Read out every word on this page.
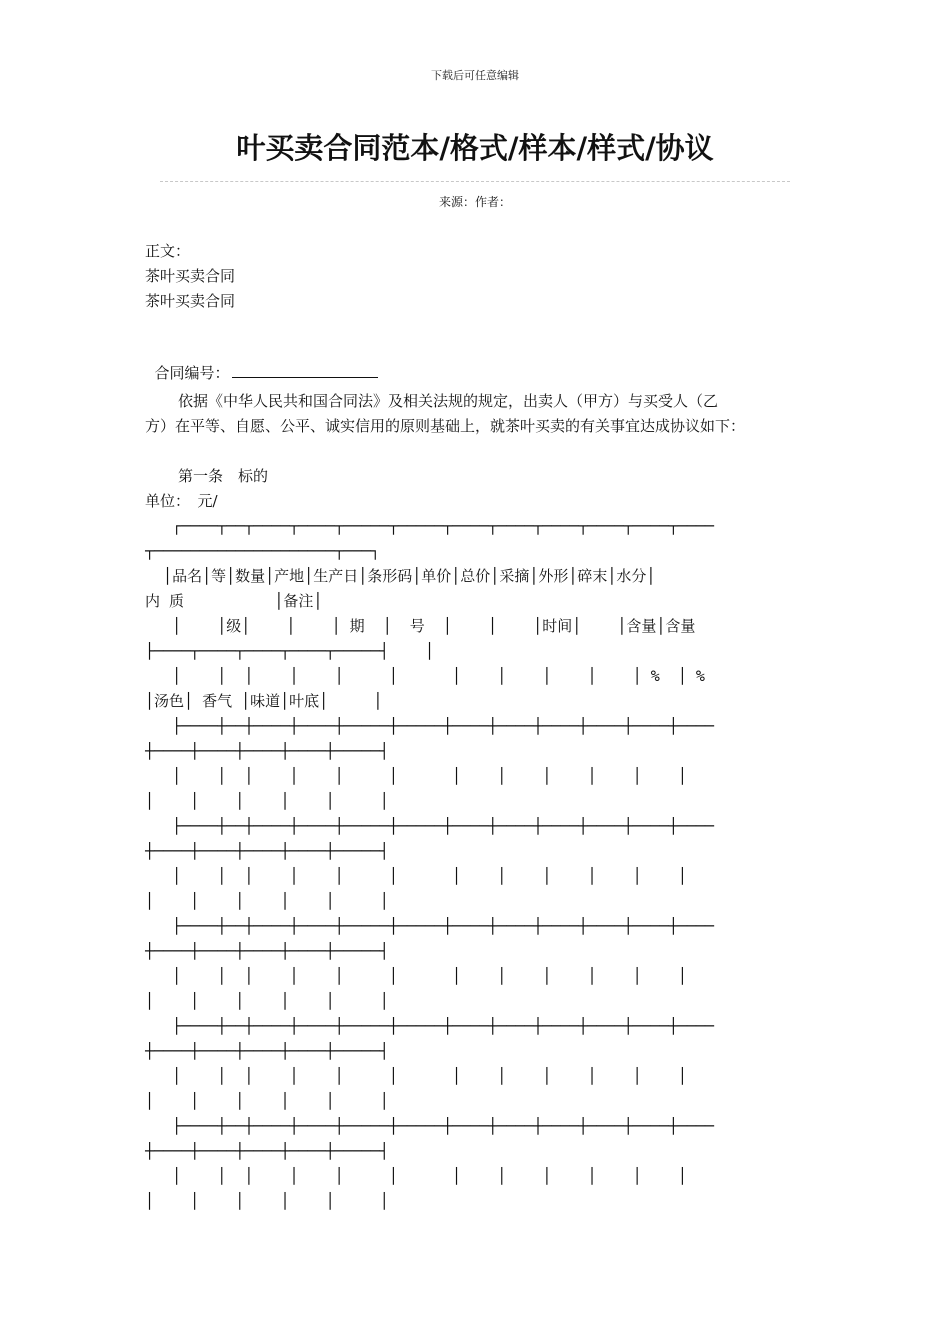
下载后可任意编辑
叶买卖合同范本/格式/样本/样式/协议
来源：作者：
正文：
茶叶买卖合同
茶叶买卖合同

合同编号：

依据《中华人民共和国合同法》及相关法规的规定，出卖人（甲方）与买受人（乙
方）在平等、自愿、公平、诚实信用的原则基础上，就茶叶买卖的有关事宜达成协议如下：
第一条　标的
单位：　元/
┌────┬──┬────┬────┬─────┬─────┬────┬────┬────┬────┬────┬────
┬────────────────────┬───┐
│品名│等│数量│产地│生产日│条形码│单价│总价│采摘│外形│碎末│水分│
内 质          │备注│
│    │级│    │    │ 期  │  号  │    │    │时间│    │含量│含量
├────┬────┬────┬────┬─────┤    │
│    │  │    │    │     │      │    │    │    │    │ %  │ %
│汤色│ 香气 │味道│叶底│     │
├────┼──┼────┼────┼─────┼─────┼────┼────┼────┼────┼────┼────
┼────┼────┼────┼────┼─────┤
│    │  │    │    │     │      │    │    │    │    │    │
│    │    │    │    │     │
├────┼──┼────┼────┼─────┼─────┼────┼────┼────┼────┼────┼────
┼────┼────┼────┼────┼─────┤
│    │  │    │    │     │      │    │    │    │    │    │
│    │    │    │    │     │
├────┼──┼────┼────┼─────┼─────┼────┼────┼────┼────┼────┼────
┼────┼────┼────┼────┼─────┤
│    │  │    │    │     │      │    │    │    │    │    │
│    │    │    │    │     │
├────┼──┼────┼────┼─────┼─────┼────┼────┼────┼────┼────┼────
┼────┼────┼────┼────┼─────┤
│    │  │    │    │     │      │    │    │    │    │    │
│    │    │    │    │     │
├────┼──┼────┼────┼─────┼─────┼────┼────┼────┼────┼────┼────
┼────┼────┼────┼────┼─────┤
│    │  │    │    │     │      │    │    │    │    │    │
│    │    │    │    │     │
